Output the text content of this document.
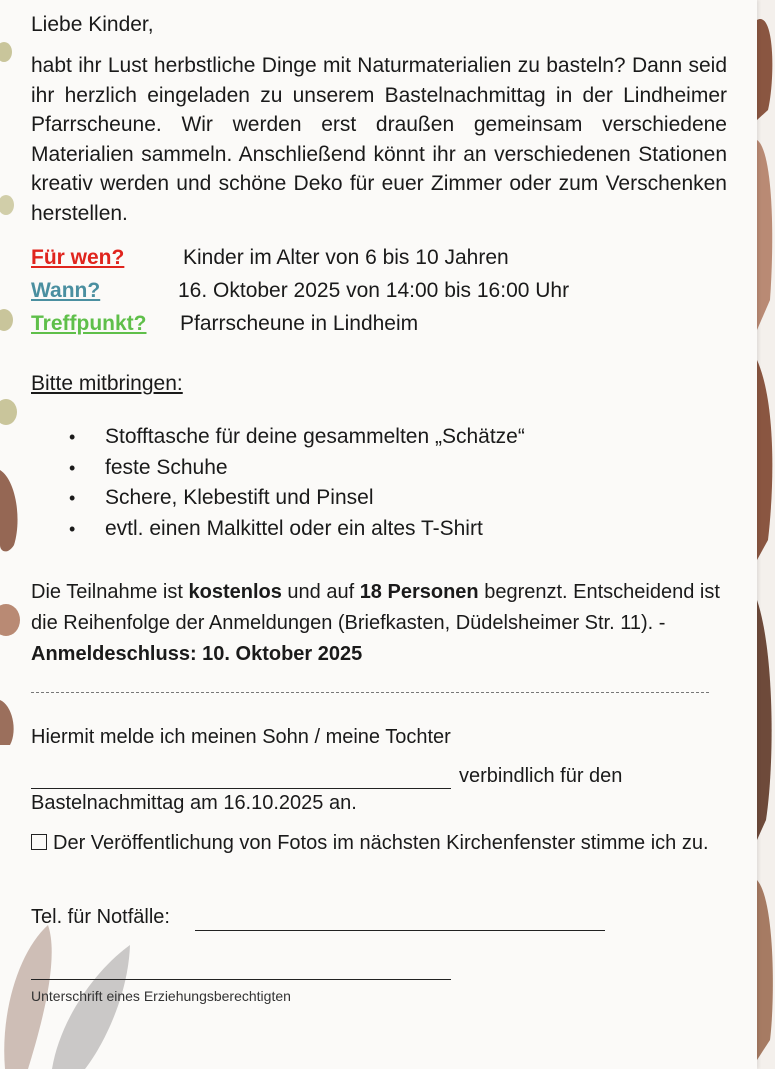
Liebe Kinder,
habt ihr Lust herbstliche Dinge mit Naturmaterialien zu basteln? Dann seid ihr herzlich eingeladen zu unserem Bastelnachmittag in der Lindheimer Pfarrscheune. Wir werden erst draußen gemeinsam verschiedene Materialien sammeln. Anschließend könnt ihr an verschiedenen Stationen kreativ werden und schöne Deko für euer Zimmer oder zum Verschenken herstellen.
Für wen?	Kinder im Alter von 6 bis 10 Jahren
Wann?	16. Oktober 2025 von 14:00 bis 16:00 Uhr
Treffpunkt? Pfarrscheune in Lindheim
Bitte mitbringen:
• Stofftasche für deine gesammelten „Schätze“
• feste Schuhe
• Schere, Klebestift und Pinsel
• evtl. einen Malkittel oder ein altes T-Shirt
Die Teilnahme ist kostenlos und auf 18 Personen begrenzt. Entscheidend ist die Reihenfolge der Anmeldungen (Briefkasten, Düdelsheimer Str. 11). - Anmeldeschluss: 10. Oktober 2025
Hiermit melde ich meinen Sohn / meine Tochter
verbindlich für den
Bastelnachmittag am 16.10.2025 an.
Der Veröffentlichung von Fotos im nächsten Kirchenfenster stimme ich zu.
Tel. für Notfälle:
Unterschrift eines Erziehungsberechtigten
